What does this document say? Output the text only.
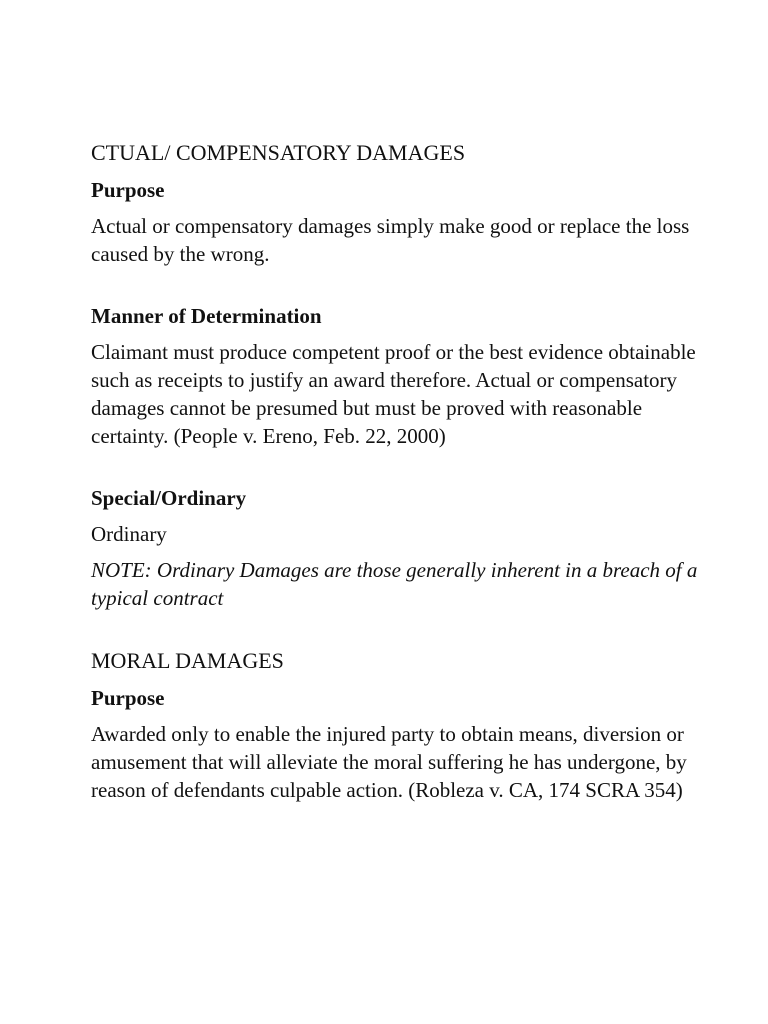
CTUAL/ COMPENSATORY DAMAGES
Purpose

Actual or compensatory damages simply make good or replace the loss caused by the wrong.

Manner of Determination

Claimant must produce competent proof or the best evidence obtainable such as receipts to justify an award therefore. Actual or compensatory damages cannot be presumed but must be proved with reasonable certainty. (People v. Ereno, Feb. 22, 2000)

Special/Ordinary

Ordinary

NOTE: Ordinary Damages are those generally inherent in a breach of a typical contract

MORAL DAMAGES
Purpose

Awarded only to enable the injured party to obtain means, diversion or amusement that will alleviate the moral suffering he has undergone, by reason of defendants culpable action. (Robleza v. CA, 174 SCRA 354)
